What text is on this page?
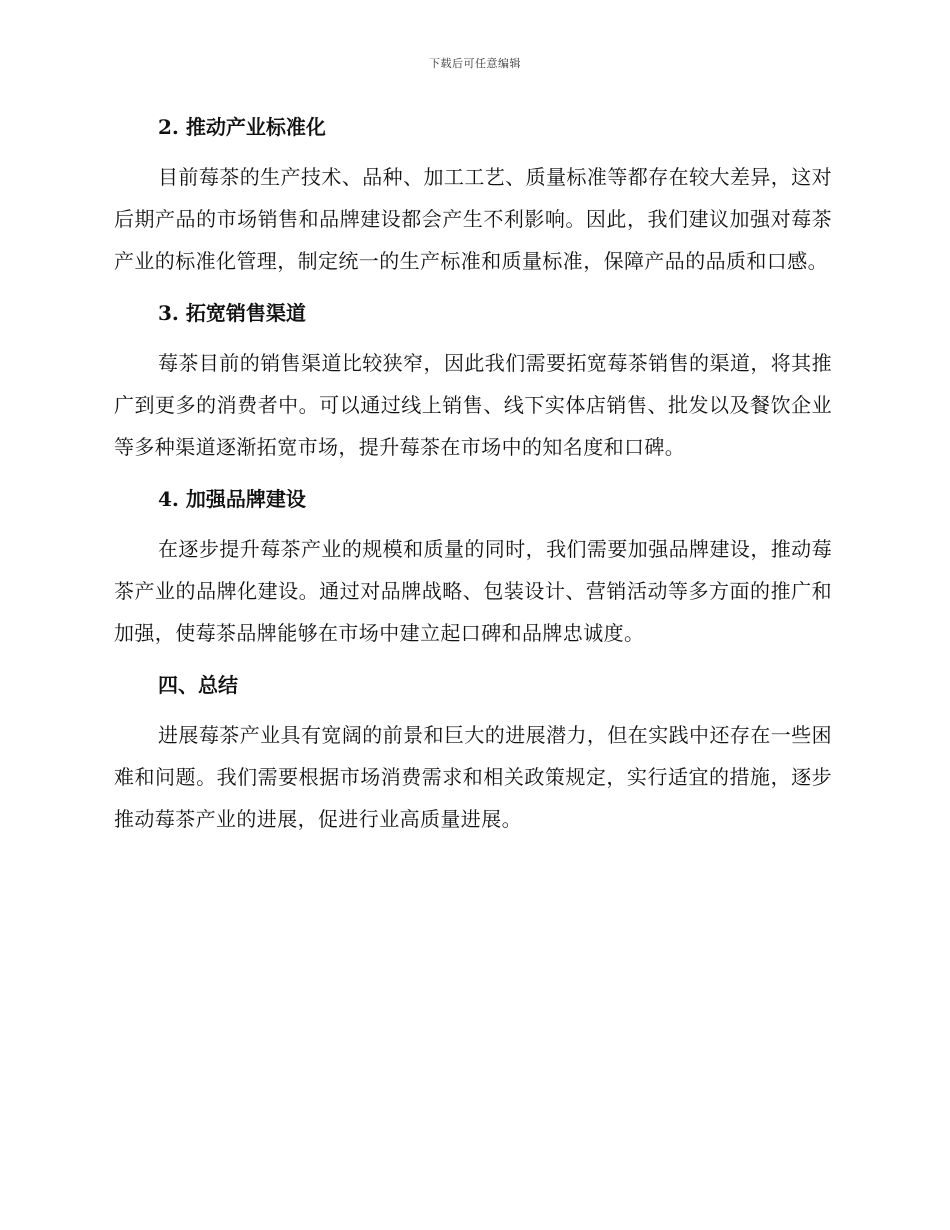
下载后可任意编辑
2. 推动产业标准化

目前莓茶的生产技术、品种、加工工艺、质量标准等都存在较大差异，这对后期产品的市场销售和品牌建设都会产生不利影响。因此，我们建议加强对莓茶产业的标准化管理，制定统一的生产标准和质量标准，保障产品的品质和口感。

3. 拓宽销售渠道

莓茶目前的销售渠道比较狭窄，因此我们需要拓宽莓茶销售的渠道，将其推广到更多的消费者中。可以通过线上销售、线下实体店销售、批发以及餐饮企业等多种渠道逐渐拓宽市场，提升莓茶在市场中的知名度和口碑。

4. 加强品牌建设

在逐步提升莓茶产业的规模和质量的同时，我们需要加强品牌建设，推动莓茶产业的品牌化建设。通过对品牌战略、包装设计、营销活动等多方面的推广和加强，使莓茶品牌能够在市场中建立起口碑和品牌忠诚度。

四、总结

进展莓茶产业具有宽阔的前景和巨大的进展潜力，但在实践中还存在一些困难和问题。我们需要根据市场消费需求和相关政策规定，实行适宜的措施，逐步推动莓茶产业的进展，促进行业高质量进展。
